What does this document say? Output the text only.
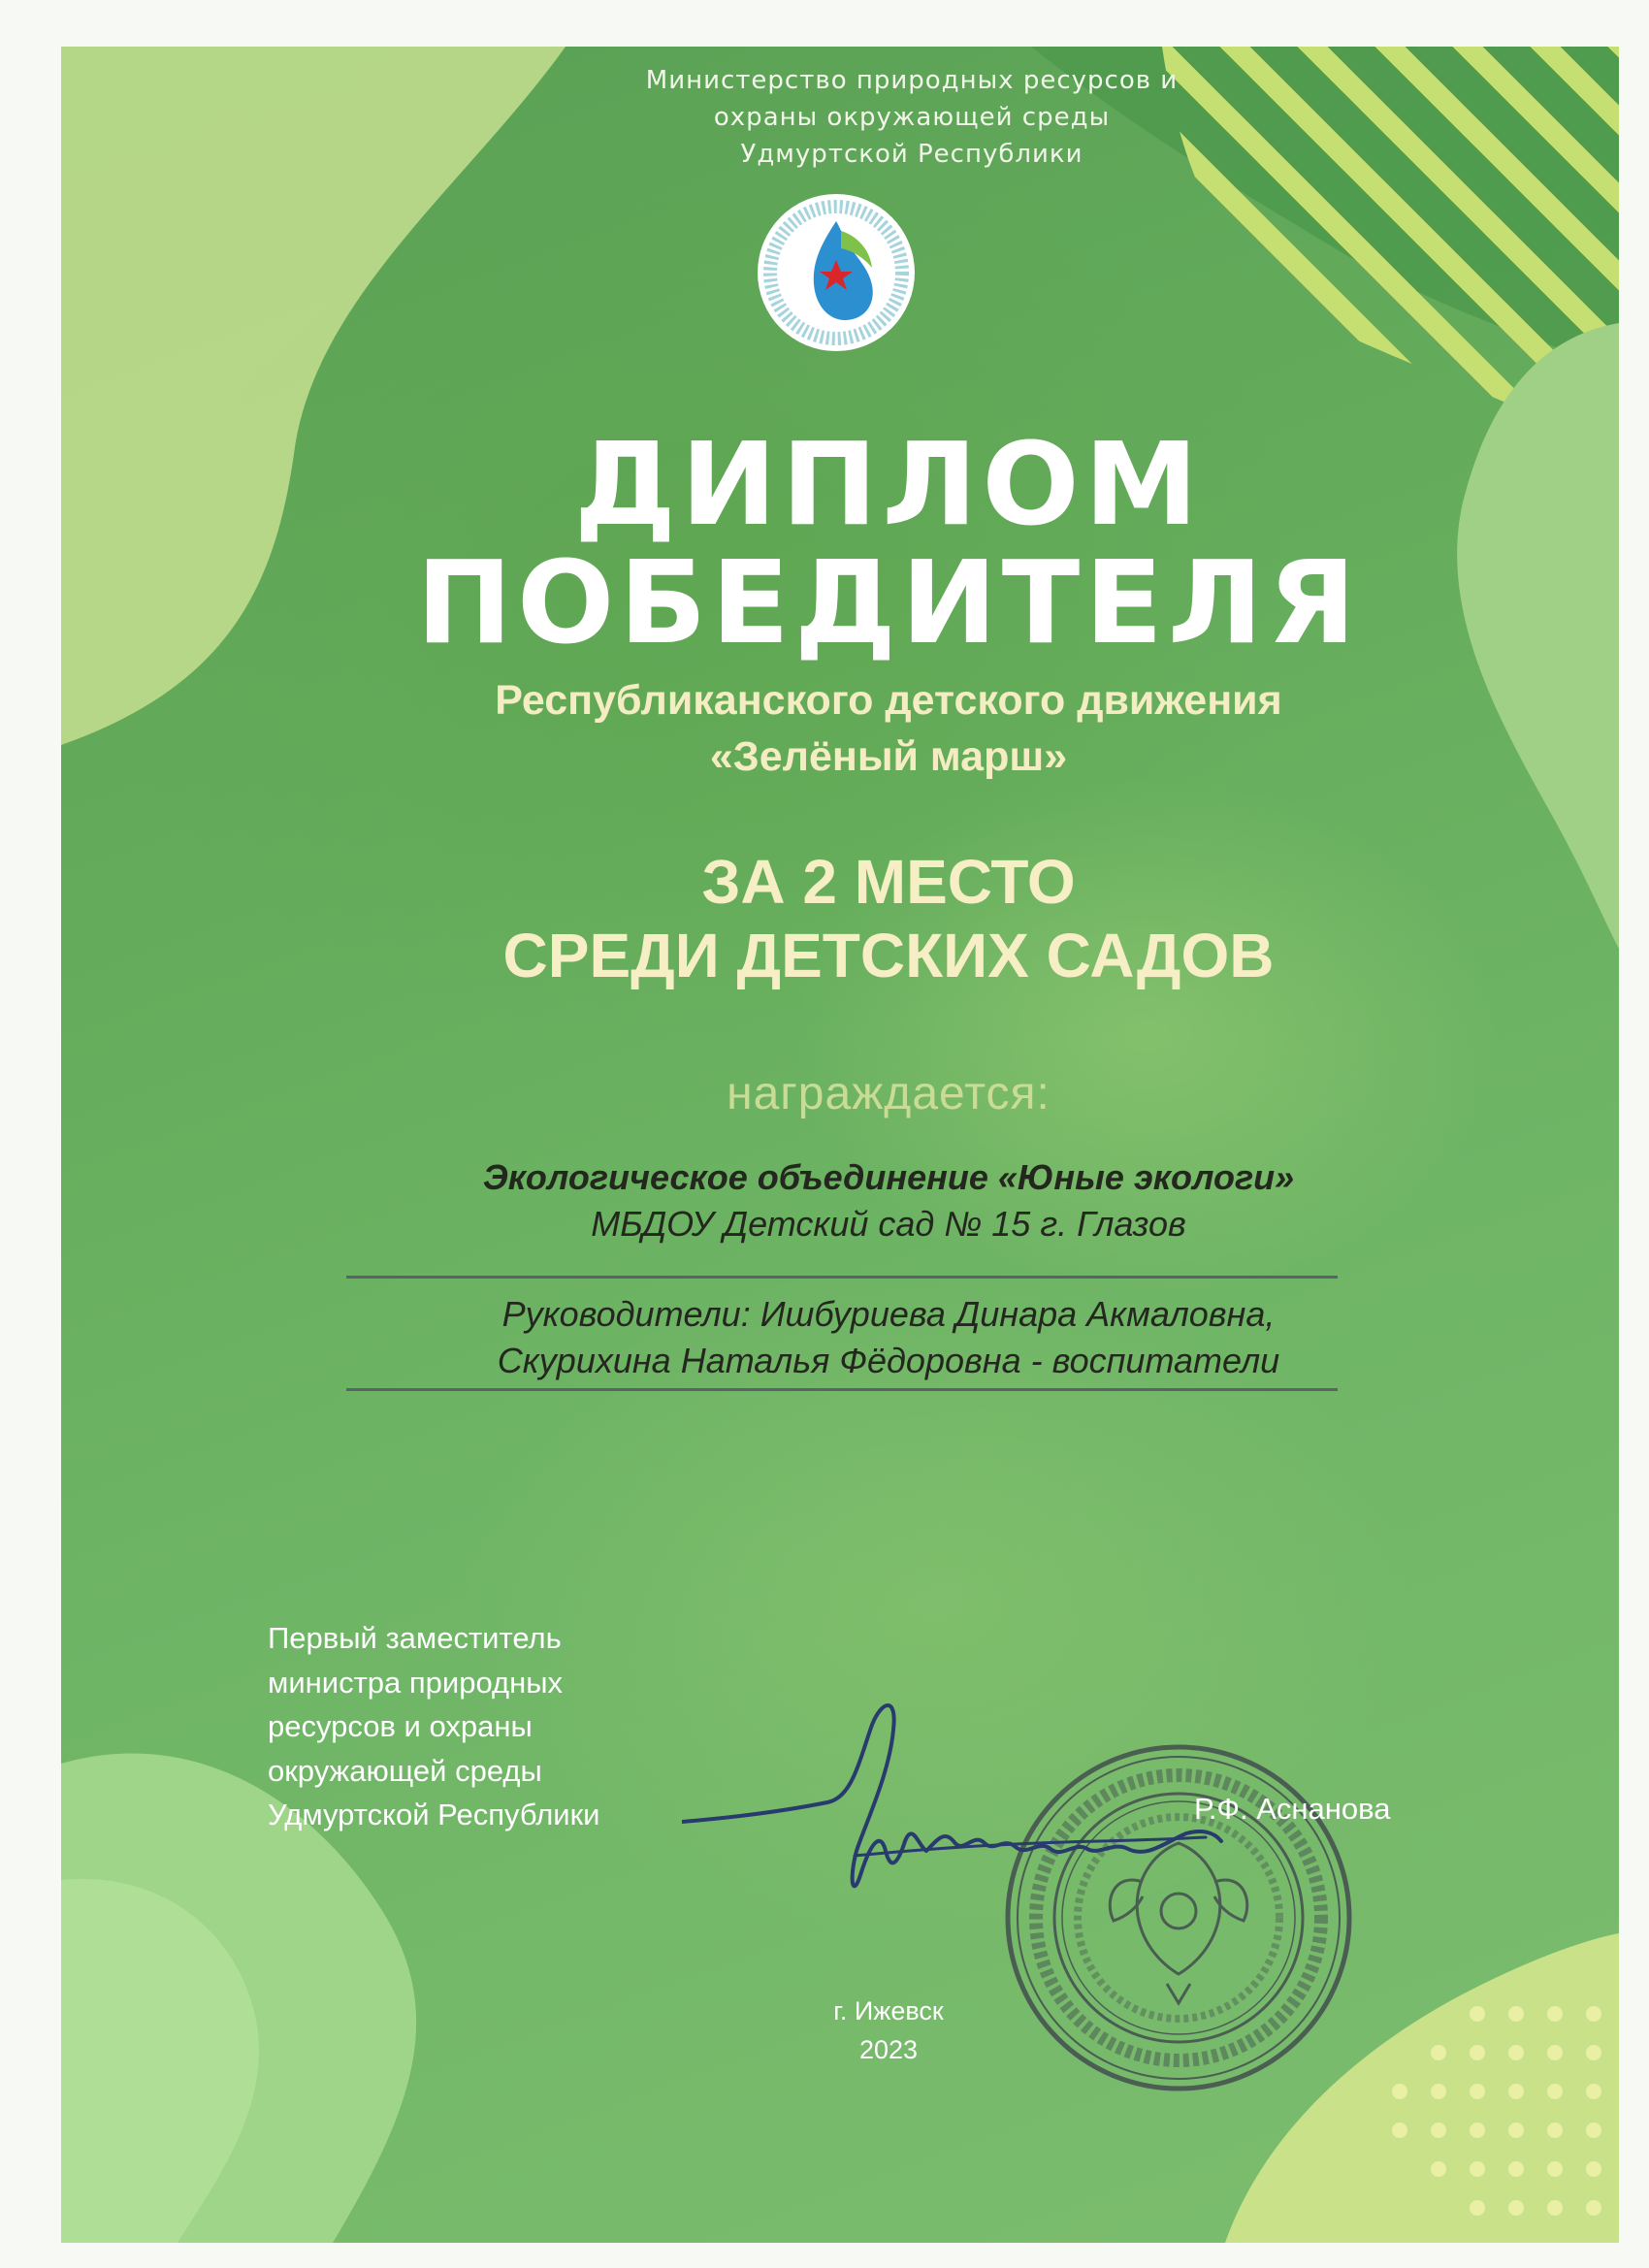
Министерство природных ресурсов и
охраны окружающей среды
Удмуртской Республики

ДИПЛОМ
ПОБЕДИТЕЛЯ

Республиканского детского движения
«Зелёный марш»

ЗА 2 МЕСТО
СРЕДИ ДЕТСКИХ САДОВ

награждается:

Экологическое объединение «Юные экологи»
МБДОУ Детский сад № 15 г. Глазов

Руководители: Ишбуриева Динара Акмаловна,
Скурихина Наталья Фёдоровна - воспитатели

Первый заместитель
министра природных
ресурсов и охраны
окружающей среды
Удмуртской Республики	Р.Ф. Аснанова

г. Ижевск
2023
